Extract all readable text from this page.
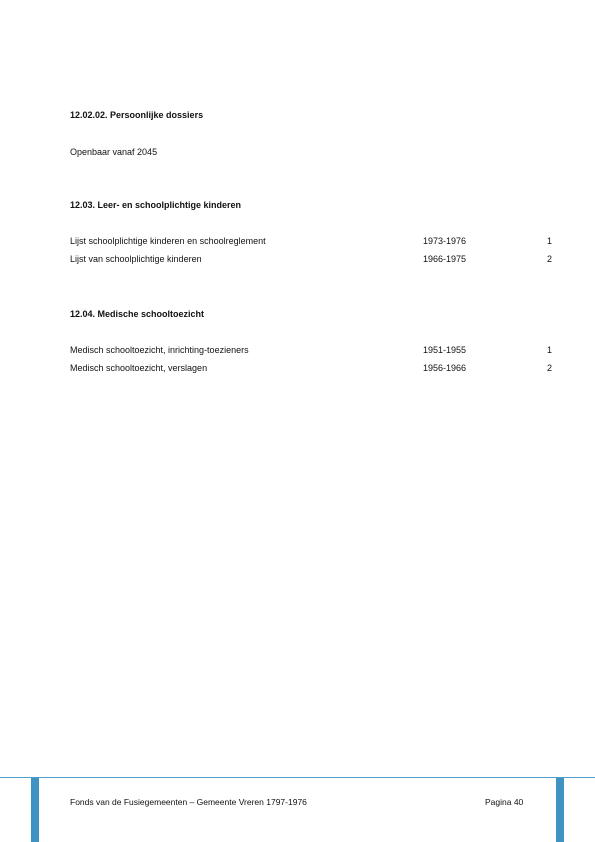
12.02.02. Persoonlijke dossiers
Openbaar vanaf 2045
12.03. Leer- en schoolplichtige kinderen
Lijst schoolplichtige kinderen en schoolreglement	1973-1976	1
Lijst van schoolplichtige kinderen	1966-1975	2
12.04. Medische schooltoezicht
Medisch schooltoezicht, inrichting-toezieners	1951-1955	1
Medisch schooltoezicht, verslagen	1956-1966	2
Fonds van de Fusiegemeenten – Gemeente Vreren 1797-1976	Pagina 40
